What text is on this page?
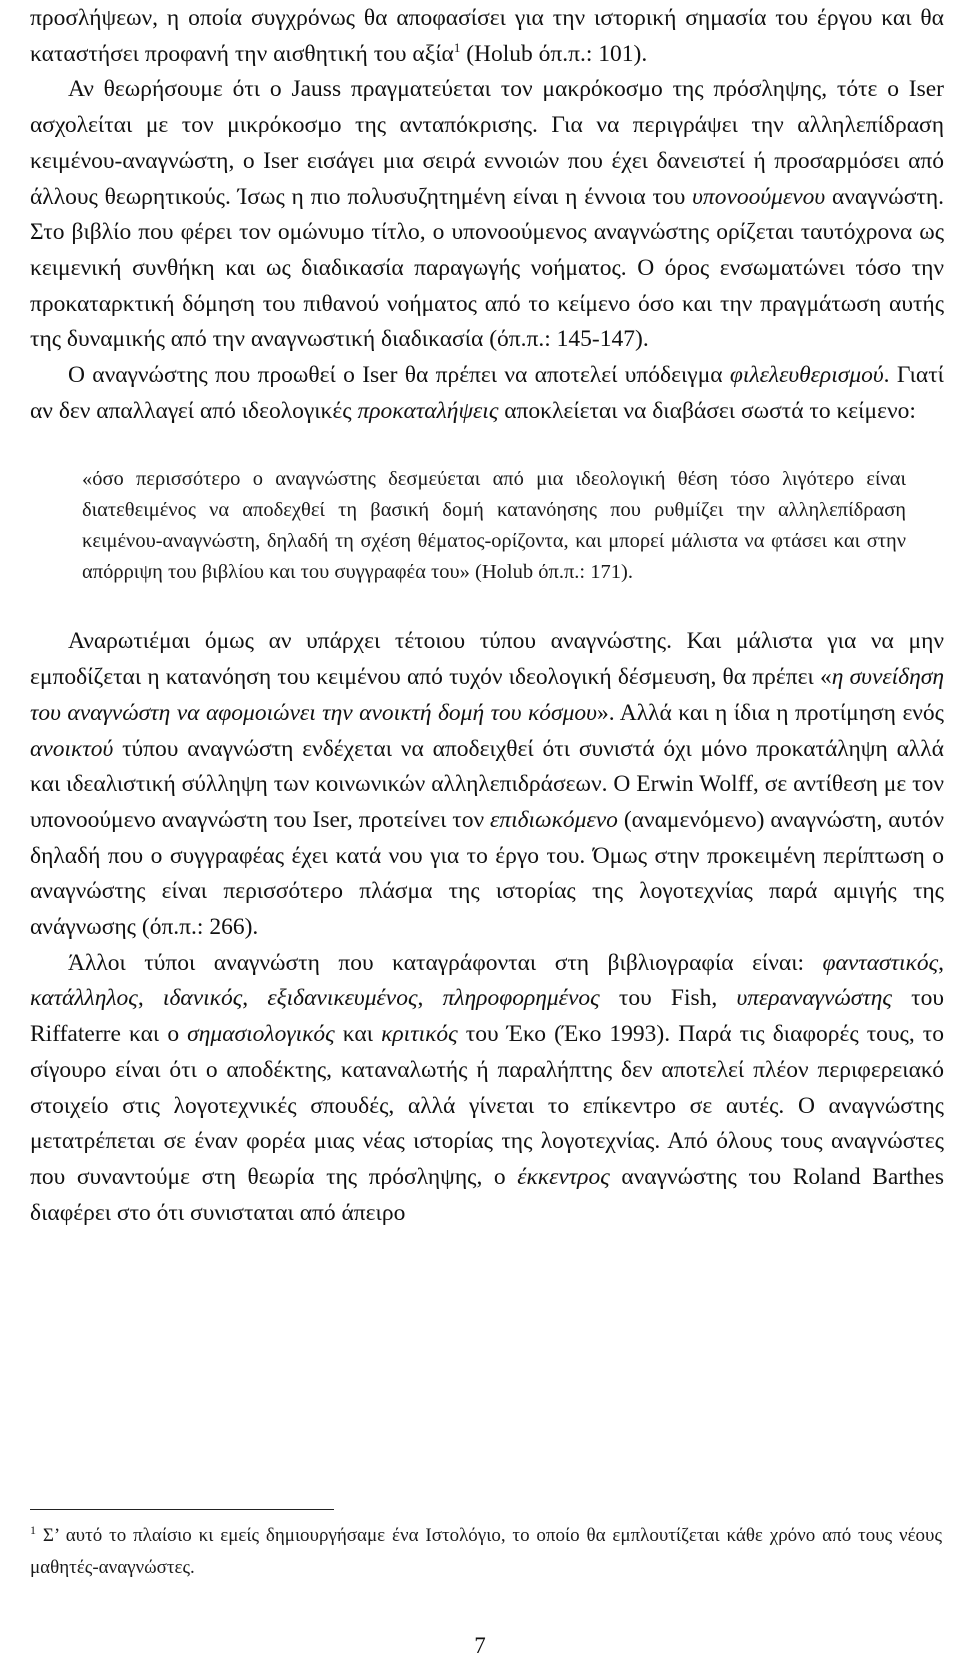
προσλήψεων, η οποία συγχρόνως θα αποφασίσει για την ιστορική σημασία του έργου και θα καταστήσει προφανή την αισθητική του αξία$^1$ (Holub όπ.π.: 101).

Αν θεωρήσουμε ότι ο Jauss πραγματεύεται τον μακρόκοσμο της πρόσληψης, τότε ο Iser ασχολείται με τον μικρόκοσμο της ανταπόκρισης. Για να περιγράψει την αλληλεπίδραση κειμένου-αναγνώστη, ο Iser εισάγει μια σειρά εννοιών που έχει δανειστεί ή προσαρμόσει από άλλους θεωρητικούς. Ίσως η πιο πολυσυζητημένη είναι η έννοια του υπονοούμενου αναγνώστη. Στο βιβλίο που φέρει τον ομώνυμο τίτλο, ο υπονοούμενος αναγνώστης ορίζεται ταυτόχρονα ως κειμενική συνθήκη και ως διαδικασία παραγωγής νοήματος. Ο όρος ενσωματώνει τόσο την προκαταρκτική δόμηση του πιθανού νοήματος από το κείμενο όσο και την πραγμάτωση αυτής της δυναμικής από την αναγνωστική διαδικασία (όπ.π.: 145-147).

Ο αναγνώστης που προωθεί ο Iser θα πρέπει να αποτελεί υπόδειγμα φιλελευθερισμού. Γιατί αν δεν απαλλαγεί από ιδεολογικές προκαταλήψεις αποκλείεται να διαβάσει σωστά το κείμενο:

«όσο περισσότερο ο αναγνώστης δεσμεύεται από μια ιδεολογική θέση τόσο λιγότερο είναι διατεθειμένος να αποδεχθεί τη βασική δομή κατανόησης που ρυθμίζει την αλληλεπίδραση κειμένου-αναγνώστη, δηλαδή τη σχέση θέματος-ορίζοντα, και μπορεί μάλιστα να φτάσει και στην απόρριψη του βιβλίου και του συγγραφέα του» (Holub όπ.π.: 171).

Αναρωτιέμαι όμως αν υπάρχει τέτοιου τύπου αναγνώστης. Και μάλιστα για να μην εμποδίζεται η κατανόηση του κειμένου από τυχόν ιδεολογική δέσμευση, θα πρέπει «η συνείδηση του αναγνώστη να αφομοιώνει την ανοικτή δομή του κόσμου». Αλλά και η ίδια η προτίμηση ενός ανοικτού τύπου αναγνώστη ενδέχεται να αποδειχθεί ότι συνιστά όχι μόνο προκατάληψη αλλά και ιδεαλιστική σύλληψη των κοινωνικών αλληλεπιδράσεων. Ο Erwin Wolff, σε αντίθεση με τον υπονοούμενο αναγνώστη του Iser, προτείνει τον επιδιωκόμενο (αναμενόμενο) αναγνώστη, αυτόν δηλαδή που ο συγγραφέας έχει κατά νου για το έργο του. Όμως στην προκειμένη περίπτωση ο αναγνώστης είναι περισσότερο πλάσμα της ιστορίας της λογοτεχνίας παρά αμιγής της ανάγνωσης (όπ.π.: 266).

Άλλοι τύποι αναγνώστη που καταγράφονται στη βιβλιογραφία είναι: φανταστικός, κατάλληλος, ιδανικός, εξιδανικευμένος, πληροφορημένος του Fish, υπεραναγνώστης του Riffaterre και ο σημασιολογικός και κριτικός του Έκο (Έκο 1993). Παρά τις διαφορές τους, το σίγουρο είναι ότι ο αποδέκτης, καταναλωτής ή παραλήπτης δεν αποτελεί πλέον περιφερειακό στοιχείο στις λογοτεχνικές σπουδές, αλλά γίνεται το επίκεντρο σε αυτές. Ο αναγνώστης μετατρέπεται σε έναν φορέα μιας νέας ιστορίας της λογοτεχνίας. Από όλους τους αναγνώστες που συναντούμε στη θεωρία της πρόσληψης, ο έκκεντρος αναγνώστης του Roland Barthes διαφέρει στο ότι συνισταται από άπειρο

$^1$ Σ’ αυτό το πλαίσιο κι εμείς δημιουργήσαμε ένα Ιστολόγιο, το οποίο θα εμπλουτίζεται κάθε χρόνο από τους νέους μαθητές-αναγνώστες.

7
